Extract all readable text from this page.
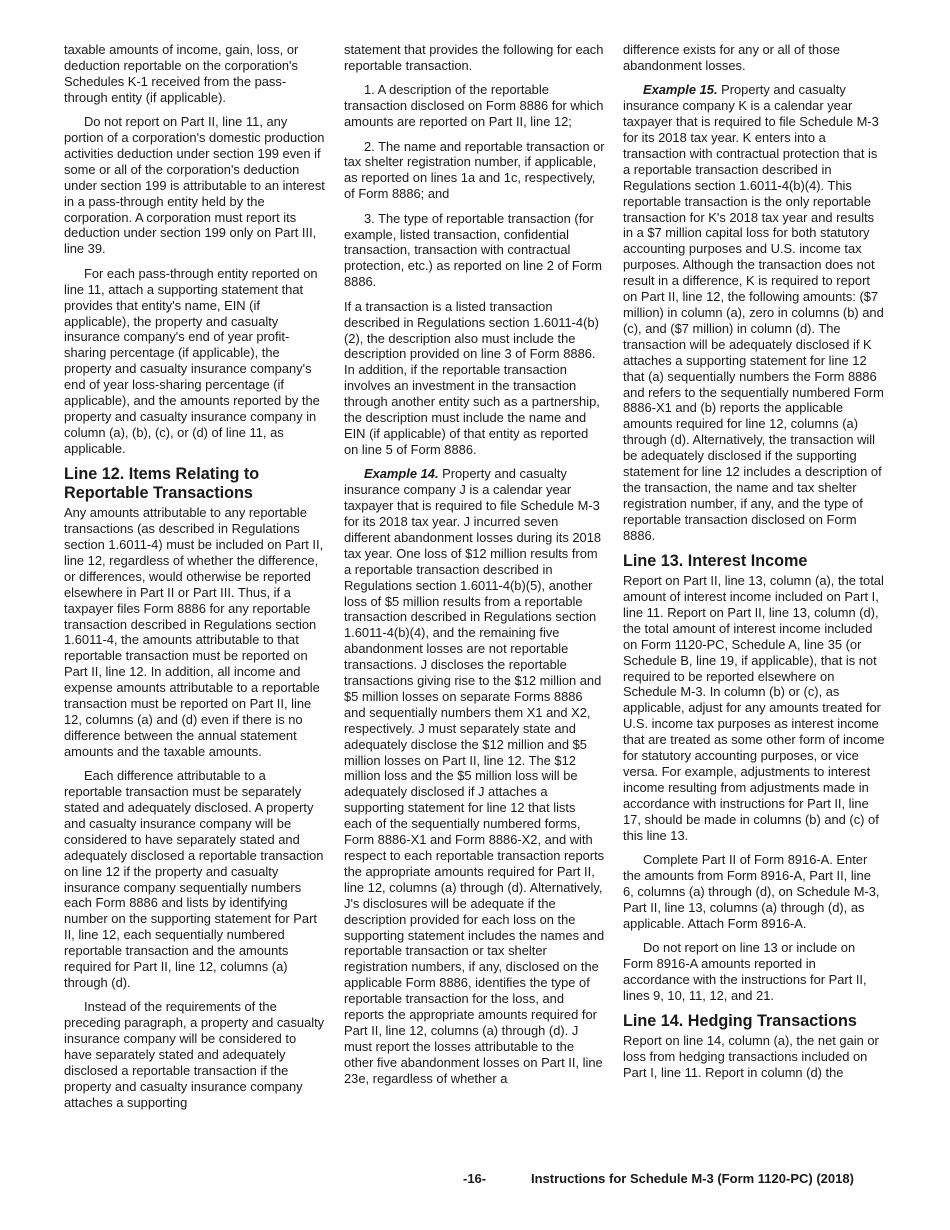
taxable amounts of income, gain, loss, or deduction reportable on the corporation's Schedules K-1 received from the pass-through entity (if applicable).

Do not report on Part II, line 11, any portion of a corporation's domestic production activities deduction under section 199 even if some or all of the corporation's deduction under section 199 is attributable to an interest in a pass-through entity held by the corporation. A corporation must report its deduction under section 199 only on Part III, line 39.

For each pass-through entity reported on line 11, attach a supporting statement that provides that entity's name, EIN (if applicable), the property and casualty insurance company's end of year profit-sharing percentage (if applicable), the property and casualty insurance company's end of year loss-sharing percentage (if applicable), and the amounts reported by the property and casualty insurance company in column (a), (b), (c), or (d) of line 11, as applicable.

Line 12. Items Relating to Reportable Transactions

Any amounts attributable to any reportable transactions (as described in Regulations section 1.6011-4) must be included on Part II, line 12, regardless of whether the difference, or differences, would otherwise be reported elsewhere in Part II or Part III. Thus, if a taxpayer files Form 8886 for any reportable transaction described in Regulations section 1.6011-4, the amounts attributable to that reportable transaction must be reported on Part II, line 12. In addition, all income and expense amounts attributable to a reportable transaction must be reported on Part II, line 12, columns (a) and (d) even if there is no difference between the annual statement amounts and the taxable amounts.

Each difference attributable to a reportable transaction must be separately stated and adequately disclosed. A property and casualty insurance company will be considered to have separately stated and adequately disclosed a reportable transaction on line 12 if the property and casualty insurance company sequentially numbers each Form 8886 and lists by identifying number on the supporting statement for Part II, line 12, each sequentially numbered reportable transaction and the amounts required for Part II, line 12, columns (a) through (d).

Instead of the requirements of the preceding paragraph, a property and casualty insurance company will be considered to have separately stated and adequately disclosed a reportable transaction if the property and casualty insurance company attaches a supporting

statement that provides the following for each reportable transaction.

1. A description of the reportable transaction disclosed on Form 8886 for which amounts are reported on Part II, line 12;

2. The name and reportable transaction or tax shelter registration number, if applicable, as reported on lines 1a and 1c, respectively, of Form 8886; and

3. The type of reportable transaction (for example, listed transaction, confidential transaction, transaction with contractual protection, etc.) as reported on line 2 of Form 8886.

If a transaction is a listed transaction described in Regulations section 1.6011-4(b)(2), the description also must include the description provided on line 3 of Form 8886. In addition, if the reportable transaction involves an investment in the transaction through another entity such as a partnership, the description must include the name and EIN (if applicable) of that entity as reported on line 5 of Form 8886.

Example 14. Property and casualty insurance company J is a calendar year taxpayer that is required to file Schedule M-3 for its 2018 tax year. J incurred seven different abandonment losses during its 2018 tax year. One loss of $12 million results from a reportable transaction described in Regulations section 1.6011-4(b)(5), another loss of $5 million results from a reportable transaction described in Regulations section 1.6011-4(b)(4), and the remaining five abandonment losses are not reportable transactions. J discloses the reportable transactions giving rise to the $12 million and $5 million losses on separate Forms 8886 and sequentially numbers them X1 and X2, respectively. J must separately state and adequately disclose the $12 million and $5 million losses on Part II, line 12. The $12 million loss and the $5 million loss will be adequately disclosed if J attaches a supporting statement for line 12 that lists each of the sequentially numbered forms, Form 8886-X1 and Form 8886-X2, and with respect to each reportable transaction reports the appropriate amounts required for Part II, line 12, columns (a) through (d). Alternatively, J's disclosures will be adequate if the description provided for each loss on the supporting statement includes the names and reportable transaction or tax shelter registration numbers, if any, disclosed on the applicable Form 8886, identifies the type of reportable transaction for the loss, and reports the appropriate amounts required for Part II, line 12, columns (a) through (d). J must report the losses attributable to the other five abandonment losses on Part II, line 23e, regardless of whether a

difference exists for any or all of those abandonment losses.

Example 15. Property and casualty insurance company K is a calendar year taxpayer that is required to file Schedule M-3 for its 2018 tax year. K enters into a transaction with contractual protection that is a reportable transaction described in Regulations section 1.6011-4(b)(4). This reportable transaction is the only reportable transaction for K's 2018 tax year and results in a $7 million capital loss for both statutory accounting purposes and U.S. income tax purposes. Although the transaction does not result in a difference, K is required to report on Part II, line 12, the following amounts: ($7 million) in column (a), zero in columns (b) and (c), and ($7 million) in column (d). The transaction will be adequately disclosed if K attaches a supporting statement for line 12 that (a) sequentially numbers the Form 8886 and refers to the sequentially numbered Form 8886-X1 and (b) reports the applicable amounts required for line 12, columns (a) through (d). Alternatively, the transaction will be adequately disclosed if the supporting statement for line 12 includes a description of the transaction, the name and tax shelter registration number, if any, and the type of reportable transaction disclosed on Form 8886.

Line 13. Interest Income

Report on Part II, line 13, column (a), the total amount of interest income included on Part I, line 11. Report on Part II, line 13, column (d), the total amount of interest income included on Form 1120-PC, Schedule A, line 35 (or Schedule B, line 19, if applicable), that is not required to be reported elsewhere on Schedule M-3. In column (b) or (c), as applicable, adjust for any amounts treated for U.S. income tax purposes as interest income that are treated as some other form of income for statutory accounting purposes, or vice versa. For example, adjustments to interest income resulting from adjustments made in accordance with instructions for Part II, line 17, should be made in columns (b) and (c) of this line 13.

Complete Part II of Form 8916-A. Enter the amounts from Form 8916-A, Part II, line 6, columns (a) through (d), on Schedule M-3, Part II, line 13, columns (a) through (d), as applicable. Attach Form 8916-A.

Do not report on line 13 or include on Form 8916-A amounts reported in accordance with the instructions for Part II, lines 9, 10, 11, 12, and 21.

Line 14. Hedging Transactions

Report on line 14, column (a), the net gain or loss from hedging transactions included on Part I, line 11. Report in column (d) the

-16-	Instructions for Schedule M-3 (Form 1120-PC) (2018)
